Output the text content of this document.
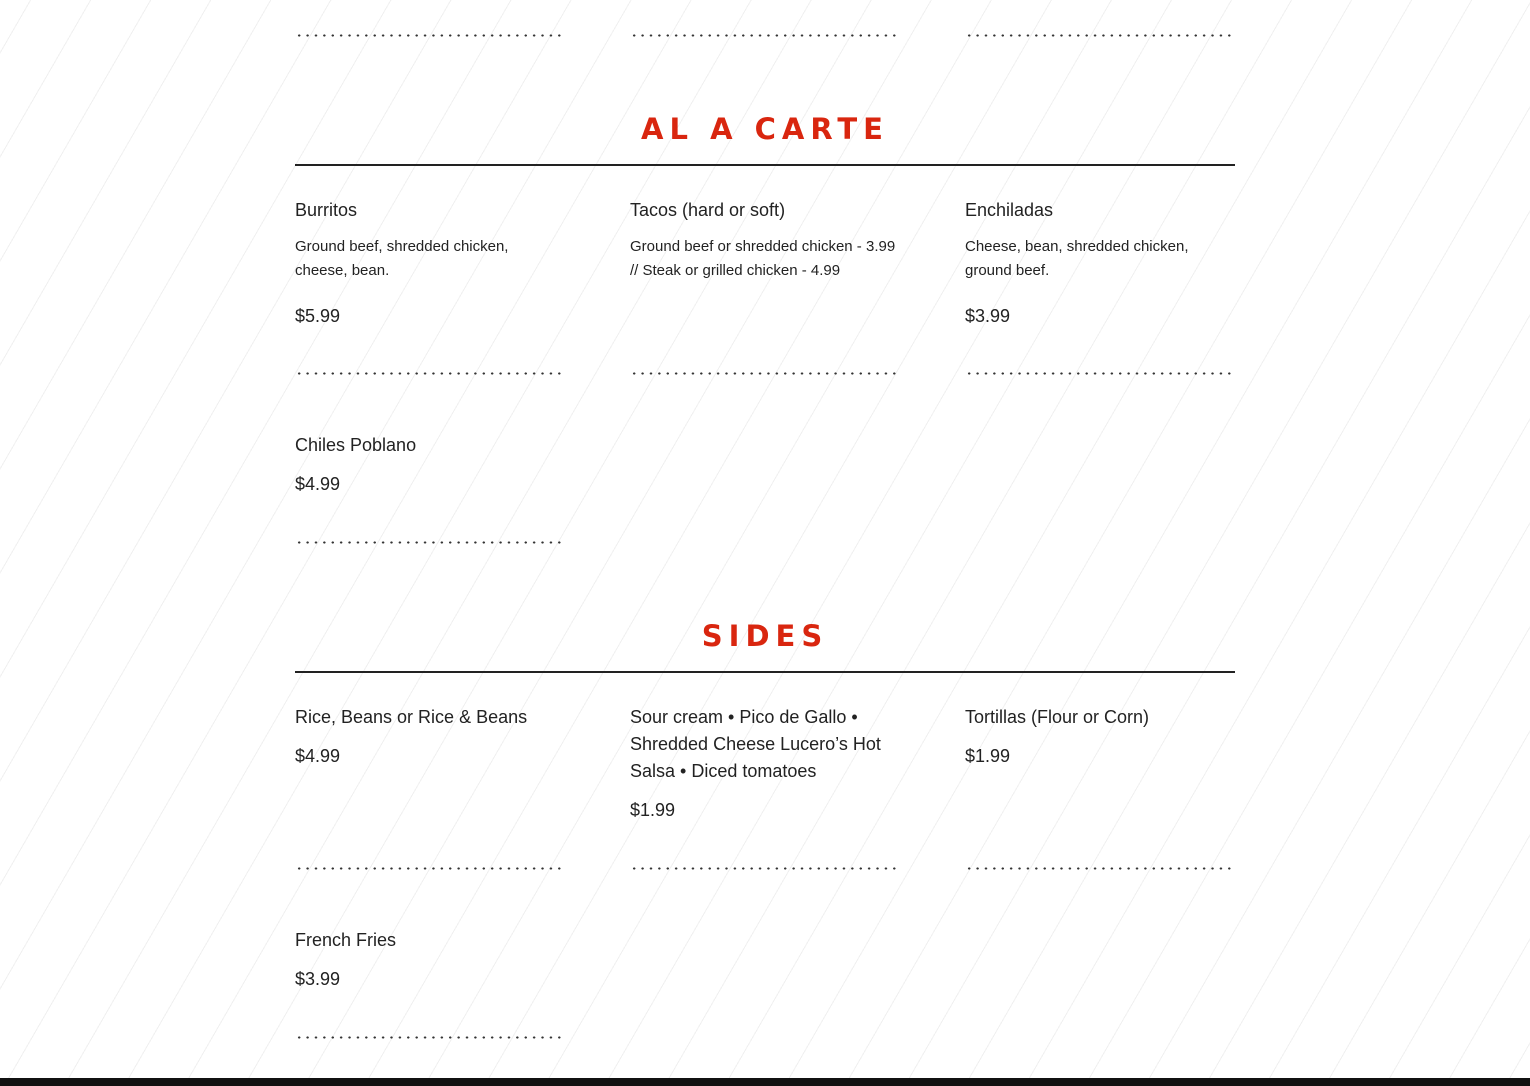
AL A CARTE

Burritos

Ground beef, shredded chicken, cheese, bean.

$5.99

Tacos (hard or soft)

Ground beef or shredded chicken - 3.99 // Steak or grilled chicken - 4.99

Enchiladas

Cheese, bean, shredded chicken, ground beef.

$3.99

Chiles Poblano

$4.99

SIDES

Rice, Beans or Rice & Beans

$4.99

Sour cream • Pico de Gallo • Shredded Cheese Lucero’s Hot Salsa • Diced tomatoes

$1.99

Tortillas (Flour or Corn)

$1.99

French Fries

$3.99
